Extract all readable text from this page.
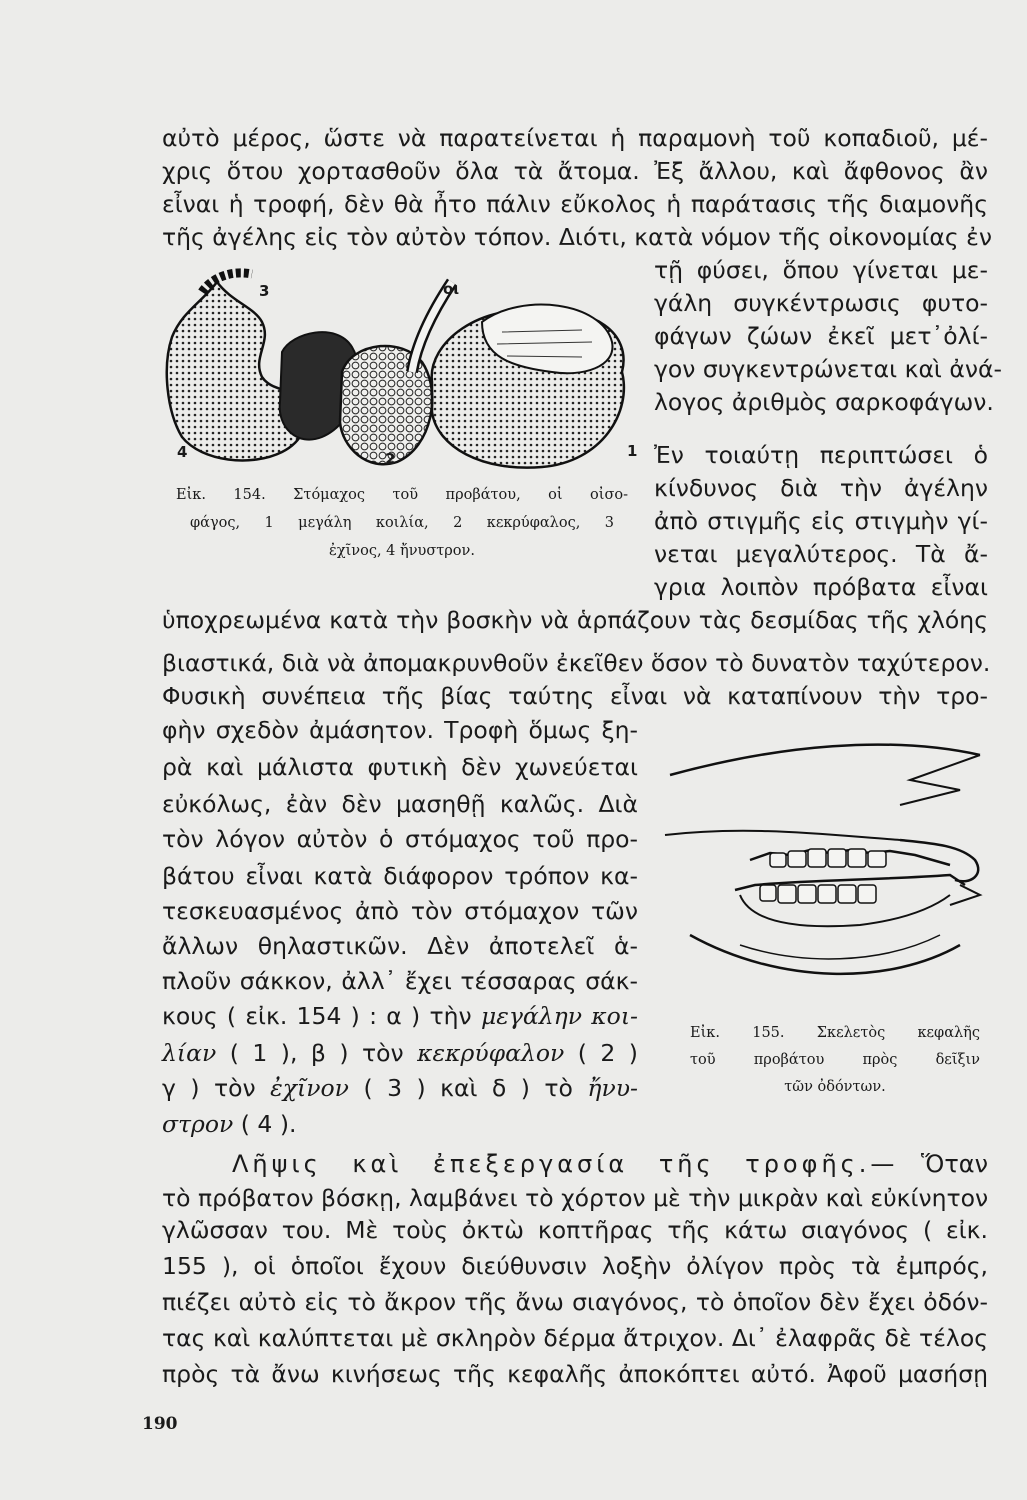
αὐτὸ μέρος, ὥστε νὰ παρατείνεται ἡ παραμονὴ τοῦ κοπαδιοῦ, μέ-
χρις ὅτου χορτασθοῦν ὅλα τὰ ἄτομα. Ἐξ ἄλλου, καὶ ἄφθονος ἂν
εἶναι ἡ τροφή, δὲν θὰ ἦτο πάλιν εὔκολος ἡ παράτασις τῆς διαμονῆς
τῆς ἀγέλης εἰς τὸν αὐτὸν τόπον. Διότι, κατὰ νόμον τῆς οἰκονομίας ἐν
τῇ φύσει, ὅπου γίνεται με-
γάλη συγκέντρωσις φυτο-
φάγων ζώων ἐκεῖ μετ᾽ὀλί-
γον συγκεντρώνεται καὶ ἀνά-
λογος ἀριθμὸς σαρκοφάγων.
Ἐν τοιαύτῃ περιπτώσει ὁ
κίνδυνος διὰ τὴν ἀγέλην
ἀπὸ στιγμῆς εἰς στιγμὴν γί-
νεται μεγαλύτερος. Τὰ ἄ-
γρια λοιπὸν πρόβατα εἶναι
3	οι
4	2	1
Εἰκ. 154. Στόμαχος τοῦ προβάτου, οἱ οἰσο-
φάγος, 1 μεγάλη κοιλία, 2 κεκρύφαλος, 3
ἐχῖνος, 4 ἤνυστρον.
ὑποχρεωμένα κατὰ τὴν βοσκὴν νὰ ἁρπάζουν τὰς δεσμίδας τῆς χλόης
βιαστικά, διὰ νὰ ἀπομακρυνθοῦν ἐκεῖθεν ὅσον τὸ δυνατὸν ταχύτερον.
Φυσικὴ συνέπεια τῆς βίας ταύτης εἶναι νὰ καταπίνουν τὴν τρο-
φὴν σχεδὸν ἀμάσητον. Τροφὴ ὅμως ξη-
ρὰ καὶ μάλιστα φυτικὴ δὲν χωνεύεται
εὐκόλως, ἐὰν δὲν μασηθῇ καλῶς. Διὰ
τὸν λόγον αὐτὸν ὁ στόμαχος τοῦ προ-
βάτου εἶναι κατὰ διάφορον τρόπον κα-
τεσκευασμένος ἀπὸ τὸν στόμαχον τῶν
ἄλλων θηλαστικῶν. Δὲν ἀποτελεῖ ἁ-
πλοῦν σάκκον, ἀλλ᾽ ἔχει τέσσαρας σάκ-
κους ( εἰκ. 154 ) : α ) τὴν μεγάλην κοι-
λίαν ( 1 ), β ) τὸν κεκρύφαλον ( 2 )
γ ) τὸν ἐχῖνον ( 3 ) καὶ δ ) τὸ ἤνυ-
στρον ( 4 ).
Εἰκ. 155. Σκελετὸς κεφαλῆς
τοῦ προβάτου πρὸς δεῖξιν
τῶν ὀδόντων.
Λῆψις καὶ ἐπεξεργασία τῆς τροφῆς.— Ὅταν
τὸ πρόβατον βόσκῃ, λαμβάνει τὸ χόρτον μὲ τὴν μικρὰν καὶ εὐκίνητον
γλῶσσαν του. Μὲ τοὺς ὀκτὼ κοπτῆρας τῆς κάτω σιαγόνος ( εἰκ.
155 ), οἱ ὁποῖοι ἔχουν διεύθυνσιν λοξὴν ὀλίγον πρὸς τὰ ἐμπρός,
πιέζει αὐτὸ εἰς τὸ ἄκρον τῆς ἄνω σιαγόνος, τὸ ὁποῖον δὲν ἔχει ὀδόν-
τας καὶ καλύπτεται μὲ σκληρὸν δέρμα ἄτριχον. Δι᾽ ἐλαφρᾶς δὲ τέλος
πρὸς τὰ ἄνω κινήσεως τῆς κεφαλῆς ἀποκόπτει αὐτό. Ἀφοῦ μασήσῃ
190
